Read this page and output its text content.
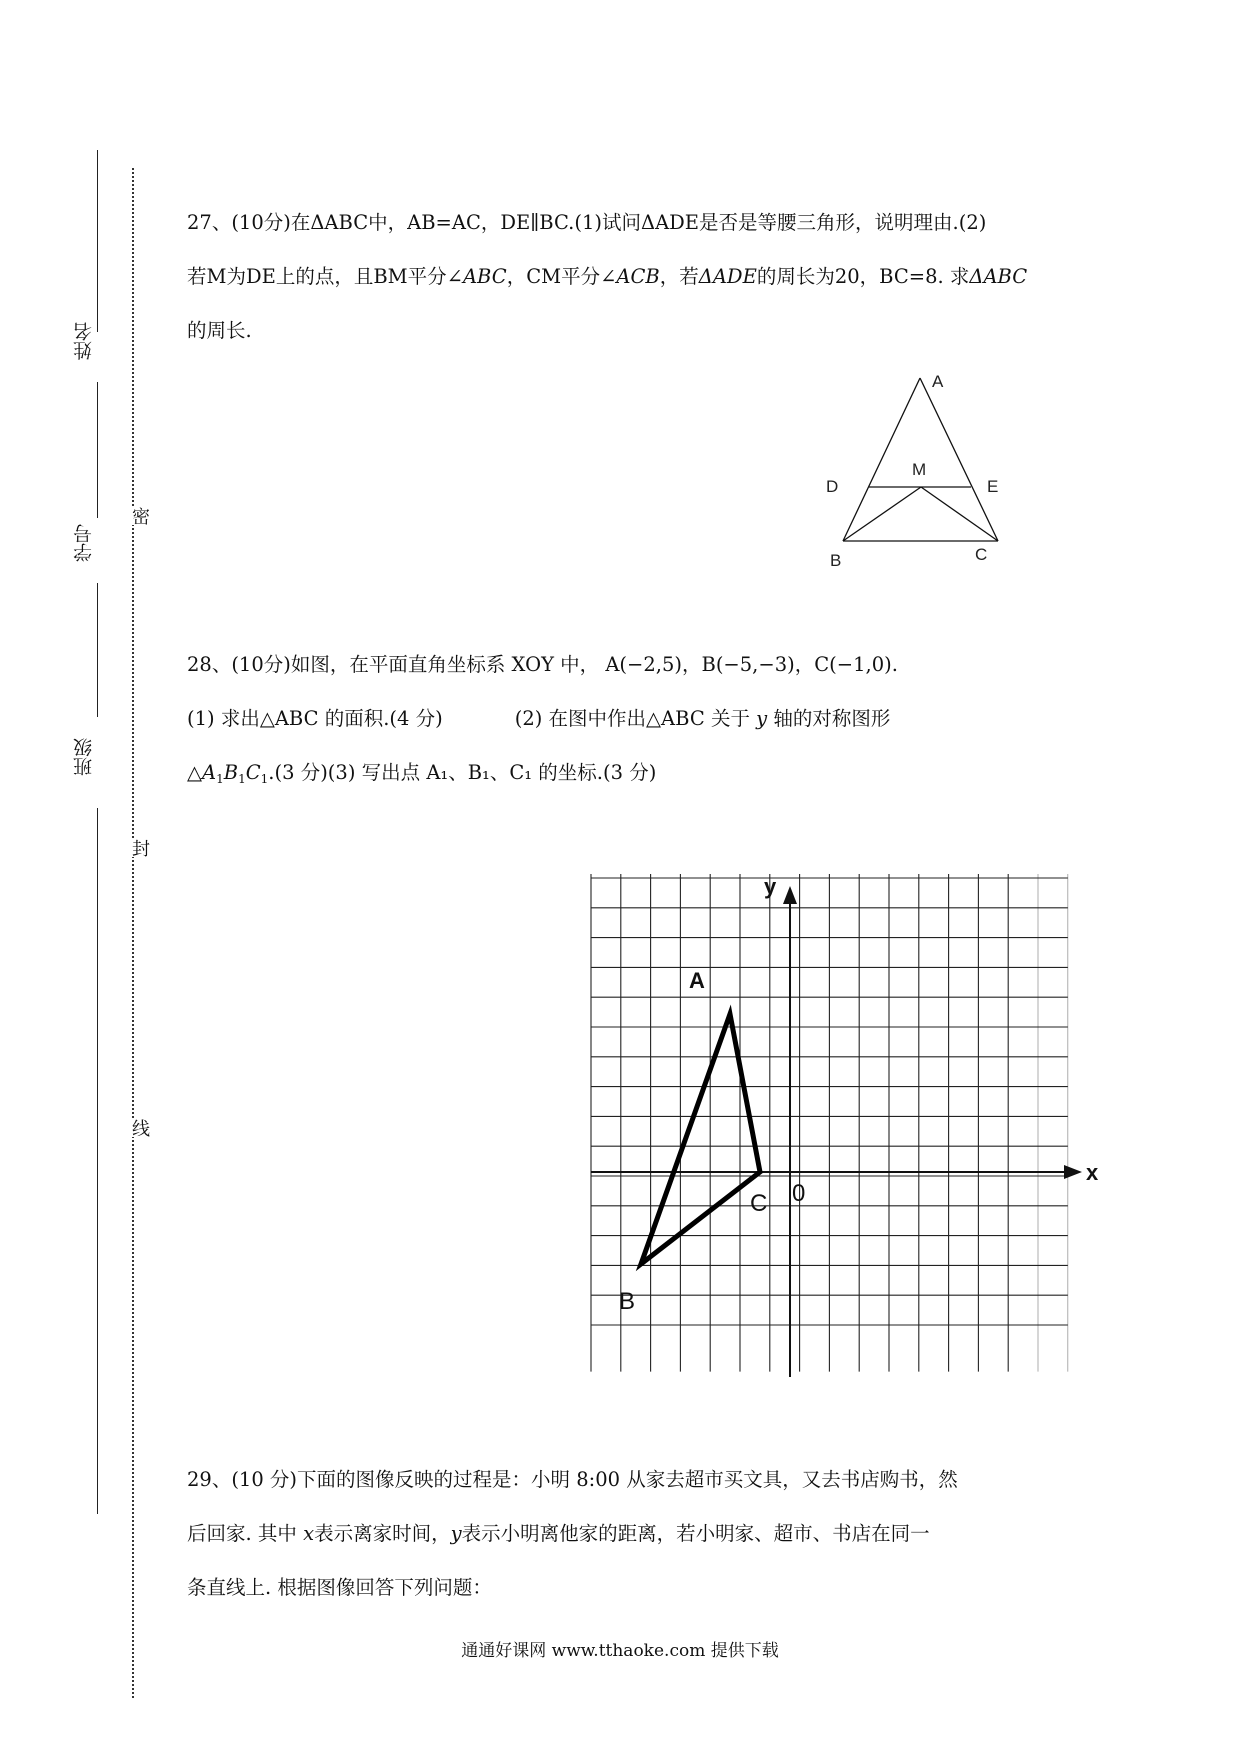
姓名
学号
班级
密
封
线
27、(10分)在ΔABC中，AB=AC，DE∥BC.(1)试问ΔADE是否是等腰三角形，说明理由.(2)
若M为DE上的点，且BM平分∠ABC，CM平分∠ACB，若ΔADE的周长为20，BC=8. 求ΔABC
的周长.
A
M
D	E
B	C
28、(10分)如图，在平面直角坐标系 XOY 中， A(−2,5)，B(−5,−3)，C(−1,0).
(1) 求出△ABC 的面积.(4 分)	(2) 在图中作出△ABC 关于 y 轴的对称图形
$\triangle A_1B_1C_1.(3$ 分)(3) 写出点 A₁、B₁、C₁ 的坐标.(3 分)
x
y
0
A
B
C
29、(10 分)下面的图像反映的过程是：小明 8:00 从家去超市买文具，又去书店购书，然
后回家. 其中 x表示离家时间，y表示小明离他家的距离，若小明家、超市、书店在同一
条直线上. 根据图像回答下列问题：
通通好课网 www.tthaoke.com 提供下载
